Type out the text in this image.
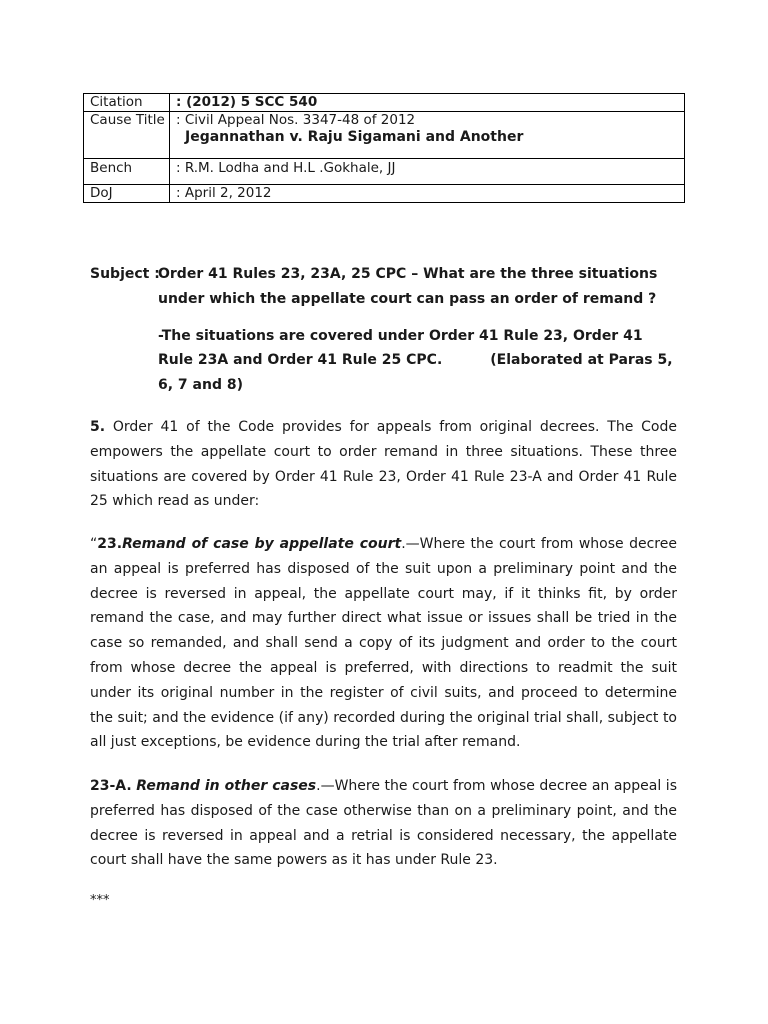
Citation	: (2012) 5 SCC 540
Cause Title	: Civil Appeal Nos. 3347-48 of 2012
Jegannathan v. Raju Sigamani and Another

Bench	: R.M. Lodha and H.L .Gokhale, JJ
DoJ	: April 2, 2012
Subject :Order 41 Rules 23, 23A, 25 CPC – What are the three situations
under which the appellate court can pass an order of remand ?
-The situations are covered under Order 41 Rule 23, Order 41 Rule 23A and Order 41 Rule 25 CPC.	(Elaborated at Paras 5, 6, 7 and 8)

5. Order 41 of the Code provides for appeals from original decrees. The Code empowers the appellate court to order remand in three situations. These three situations are covered by Order 41 Rule 23, Order 41 Rule 23-A and Order 41 Rule 25 which read as under:

“23.Remand of case by appellate court.—Where the court from whose decree an appeal is preferred has disposed of the suit upon a preliminary point and the decree is reversed in appeal, the appellate court may, if it thinks fit, by order remand the case, and may further direct what issue or issues shall be tried in the case so remanded, and shall send a copy of its judgment and order to the court from whose decree the appeal is preferred, with directions to readmit the suit under its original number in the register of civil suits, and proceed to determine the suit; and the evidence (if any) recorded during the original trial shall, subject to all just exceptions, be evidence during the trial after remand.

23-A. Remand in other cases.—Where the court from whose decree an appeal is preferred has disposed of the case otherwise than on a preliminary point, and the decree is reversed in appeal and a retrial is considered necessary, the appellate court shall have the same powers as it has under Rule 23.

***
